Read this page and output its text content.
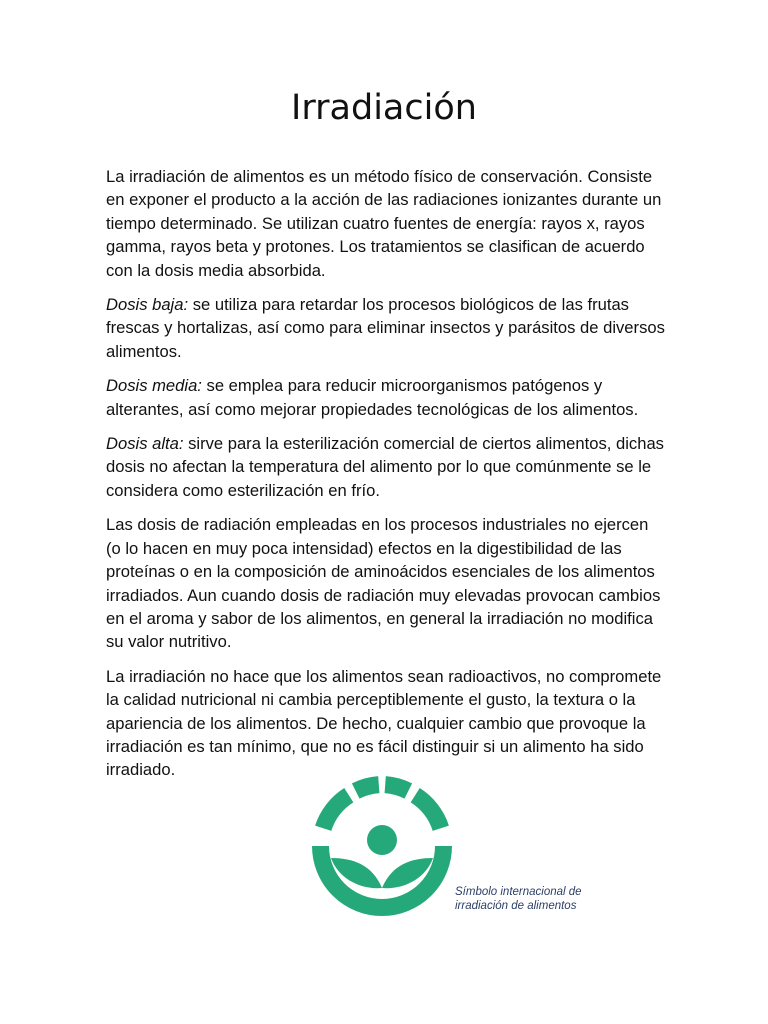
Irradiación

La irradiación de alimentos es un método físico de conservación. Consiste en exponer el producto a la acción de las radiaciones ionizantes durante un tiempo determinado. Se utilizan cuatro fuentes de energía: rayos x, rayos gamma, rayos beta y protones. Los tratamientos se clasifican de acuerdo con la dosis media absorbida.

Dosis baja: se utiliza para retardar los procesos biológicos de las frutas frescas y hortalizas, así como para eliminar insectos y parásitos de diversos alimentos.

Dosis media: se emplea para reducir microorganismos patógenos y alterantes, así como mejorar propiedades tecnológicas de los alimentos.

Dosis alta: sirve para la esterilización comercial de ciertos alimentos, dichas dosis no afectan la temperatura del alimento por lo que comúnmente se le considera como esterilización en frío.

Las dosis de radiación empleadas en los procesos industriales no ejercen (o lo hacen en muy poca intensidad) efectos en la digestibilidad de las proteínas o en la composición de aminoácidos esenciales de los alimentos irradiados. Aun cuando dosis de radiación muy elevadas provocan cambios en el aroma y sabor de los alimentos, en general la irradiación no modifica su valor nutritivo.

La irradiación no hace que los alimentos sean radioactivos, no compromete la calidad nutricional ni cambia perceptiblemente el gusto, la textura o la apariencia de los alimentos. De hecho, cualquier cambio que provoque la irradiación es tan mínimo, que no es fácil distinguir si un alimento ha sido irradiado.

Símbolo internacional de
irradiación de alimentos
